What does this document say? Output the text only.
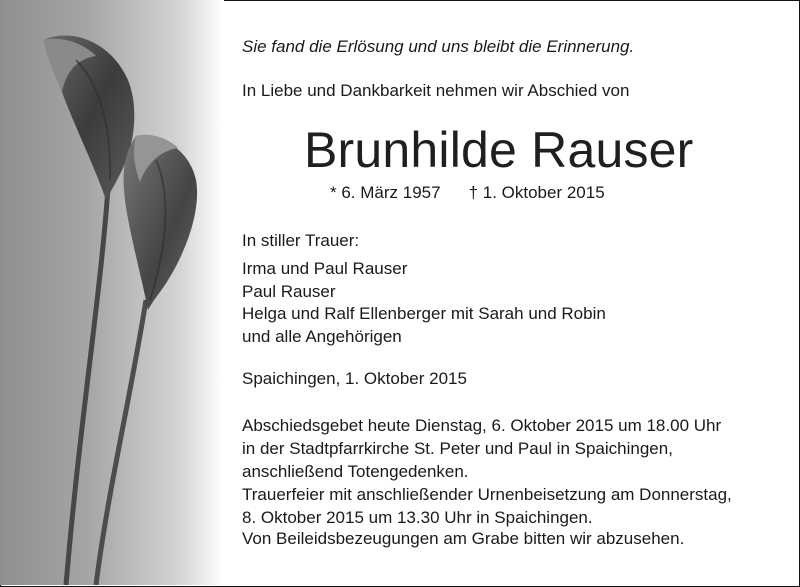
Sie fand die Erlösung und uns bleibt die Erinnerung.
In Liebe und Dankbarkeit nehmen wir Abschied von
Brunhilde Rauser
* 6. März 1957 † 1. Oktober 2015
In stiller Trauer:
Irma und Paul Rauser
Paul Rauser
Helga und Ralf Ellenberger mit Sarah und Robin
und alle Angehörigen
Spaichingen, 1. Oktober 2015
Abschiedsgebet heute Dienstag, 6. Oktober 2015 um 18.00 Uhr
in der Stadtpfarrkirche St. Peter und Paul in Spaichingen,
anschließend Totengedenken.
Trauerfeier mit anschließender Urnenbeisetzung am Donnerstag,
8. Oktober 2015 um 13.30 Uhr in Spaichingen.
Von Beileidsbezeugungen am Grabe bitten wir abzusehen.
